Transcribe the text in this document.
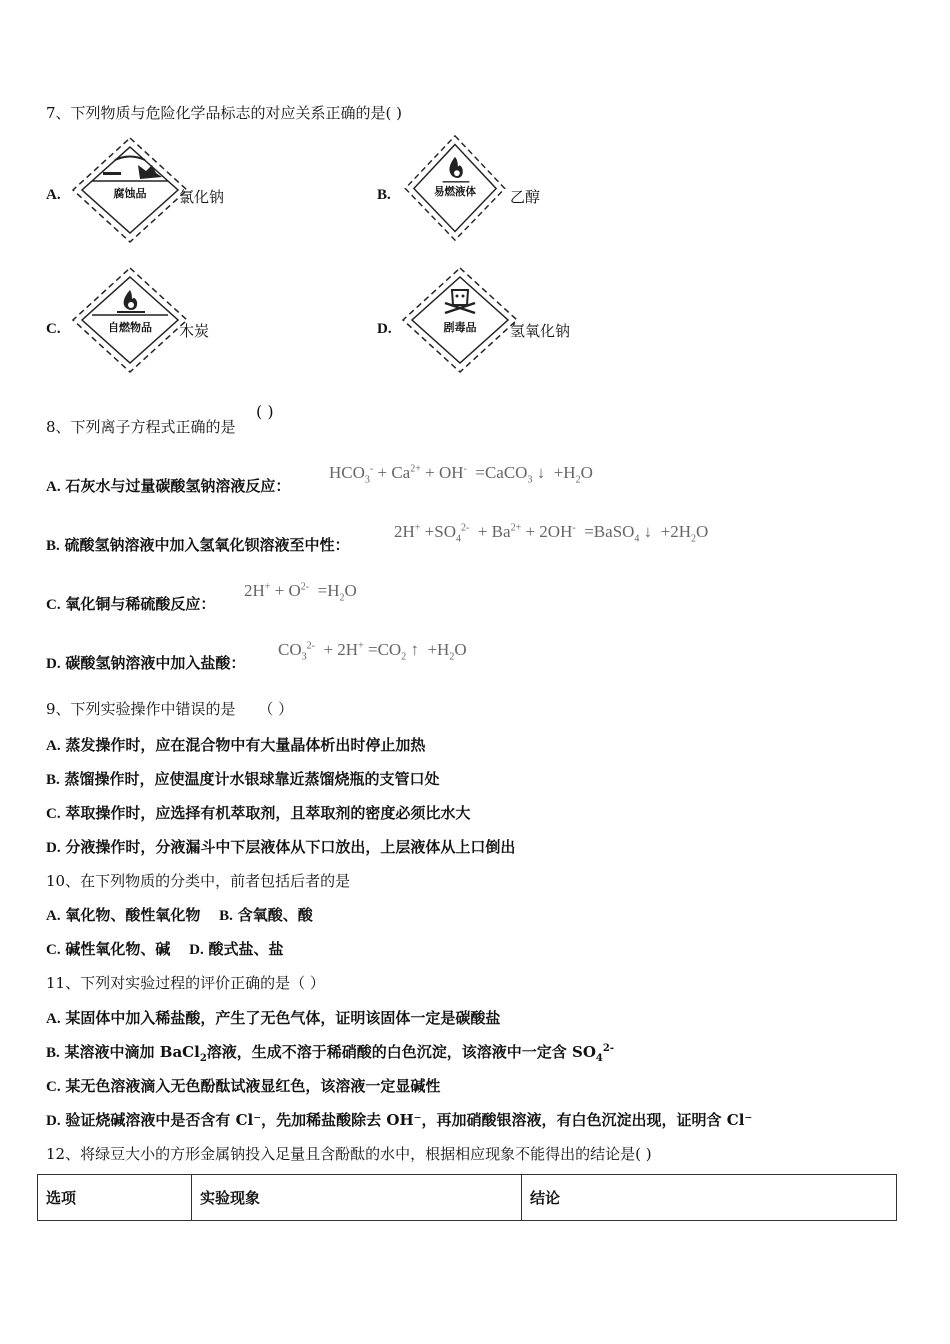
7、下列物质与危险化学品标志的对应关系正确的是( )
A.	腐蚀品 氯化钠	B.	易燃液体 乙醇
C.	自燃物品 木炭	D.	剧毒品 氢氧化钠
8、下列离子方程式正确的是
( )
A. 石灰水与过量碳酸氢钠溶液反应：
$HCO_3^- + Ca^{2+} + OH^-$  =CaCO$_3$ ↓  $+H_2O$
B. 硫酸氢钠溶液中加入氢氧化钡溶液至中性：
$2H^+ +SO_4^{2-} + Ba^{2+} + 2OH^-$  =BaSO$_4$ ↓  $+2H_2O$
C. 氧化铜与稀硫酸反应：
$2H^+ + O^{2-} =H_2O$
D. 碳酸氢钠溶液中加入盐酸：
$CO_3^{2-} + 2H^+ =CO_2$ ↑  $+H_2O$
9、下列实验操作中错误的是 （ ）
A. 蒸发操作时，应在混合物中有大量晶体析出时停止加热
B. 蒸馏操作时，应使温度计水银球靠近蒸馏烧瓶的支管口处
C. 萃取操作时，应选择有机萃取剂，且萃取剂的密度必须比水大
D. 分液操作时，分液漏斗中下层液体从下口放出，上层液体从上口倒出
10、在下列物质的分类中，前者包括后者的是
A. 氧化物、酸性氧化物 B. 含氧酸、酸
C. 碱性氧化物、碱 D. 酸式盐、盐
11、下列对实验过程的评价正确的是（ ）
A. 某固体中加入稀盐酸，产生了无色气体，证明该固体一定是碳酸盐
B. 某溶液中滴加 BaCl$_2$溶液，生成不溶于稀硝酸的白色沉淀，该溶液中一定含 $SO_4^{2-}$
C. 某无色溶液滴入无色酚酞试液显红色，该溶液一定显碱性
D. 验证烧碱溶液中是否含有 Cl⁻，先加稀盐酸除去 OH⁻，再加硝酸银溶液，有白色沉淀出现，证明含 Cl⁻
12、将绿豆大小的方形金属钠投入足量且含酚酞的水中，根据相应现象不能得出的结论是( )
选项	实验现象	结论
